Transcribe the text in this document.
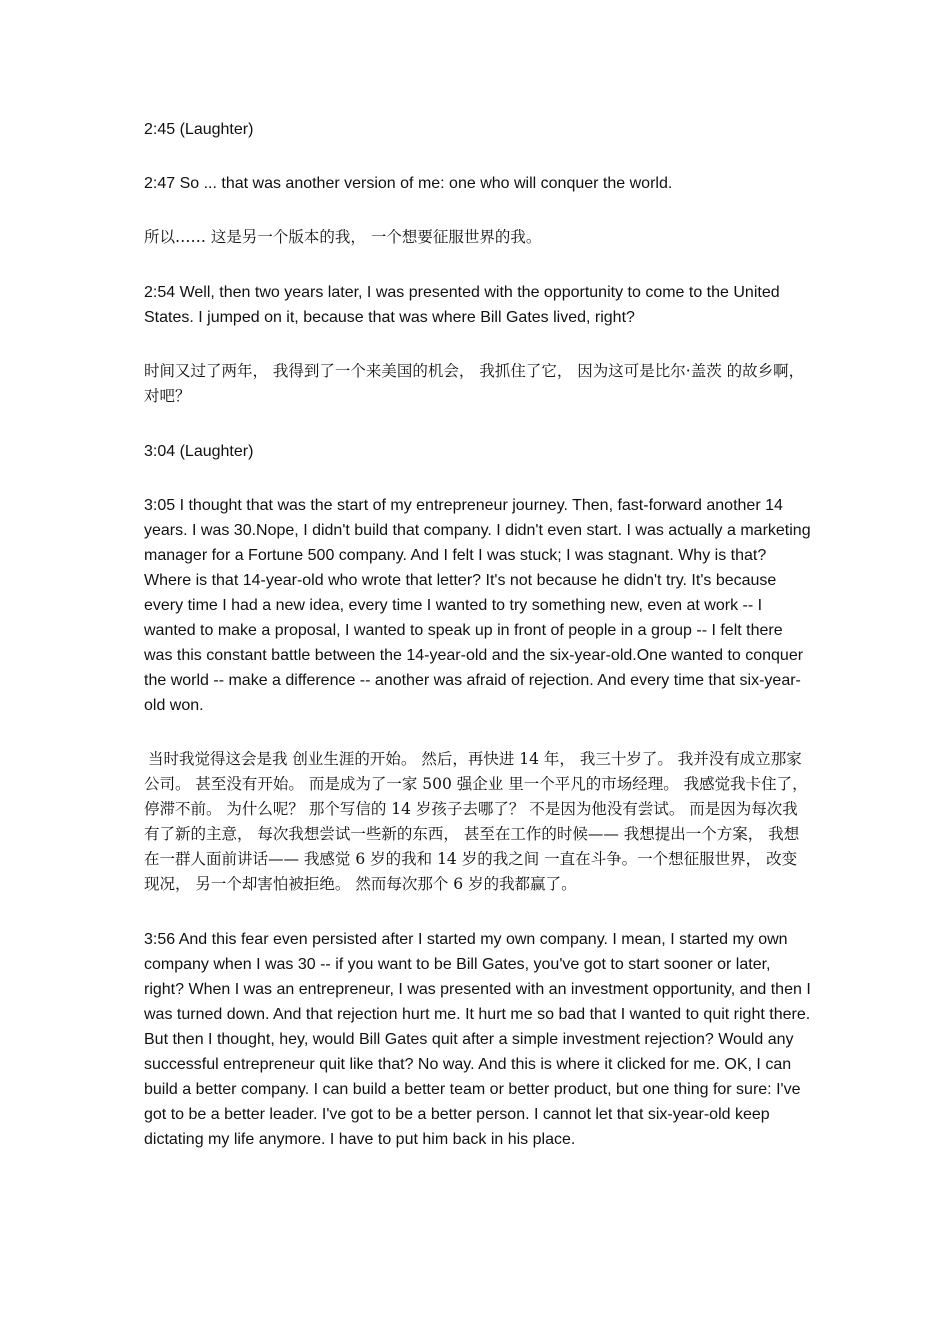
2:45 (Laughter)

2:47 So ... that was another version of me: one who will conquer the world.

所以…… 这是另一个版本的我， 一个想要征服世界的我。

2:54 Well, then two years later, I was presented with the opportunity to come to the United States. I jumped on it, because that was where Bill Gates lived, right?

时间又过了两年， 我得到了一个来美国的机会， 我抓住了它， 因为这可是比尔·盖茨 的故乡啊，对吧？

3:04 (Laughter)

3:05 I thought that was the start of my entrepreneur journey. Then, fast-forward another 14 years. I was 30.Nope, I didn't build that company. I didn't even start. I was actually a marketing manager for a Fortune 500 company. And I felt I was stuck; I was stagnant. Why is that? Where is that 14-year-old who wrote that letter? It's not because he didn't try. It's because every time I had a new idea, every time I wanted to try something new, even at work -- I wanted to make a proposal, I wanted to speak up in front of people in a group -- I felt there was this constant battle between the 14-year-old and the six-year-old.One wanted to conquer the world -- make a difference -- another was afraid of rejection. And every time that six-year-old won.

当时我觉得这会是我 创业生涯的开始。 然后，再快进 14 年， 我三十岁了。 我并没有成立那家公司。 甚至没有开始。 而是成为了一家 500 强企业 里一个平凡的市场经理。 我感觉我卡住了， 停滞不前。 为什么呢？ 那个写信的 14 岁孩子去哪了？ 不是因为他没有尝试。 而是因为每次我有了新的主意， 每次我想尝试一些新的东西， 甚至在工作的时候—— 我想提出一个方案， 我想在一群人面前讲话—— 我感觉 6 岁的我和 14 岁的我之间 一直在斗争。一个想征服世界， 改变现况， 另一个却害怕被拒绝。 然而每次那个 6 岁的我都赢了。

3:56 And this fear even persisted after I started my own company. I mean, I started my own company when I was 30 -- if you want to be Bill Gates, you've got to start sooner or later, right? When I was an entrepreneur, I was presented with an investment opportunity, and then I was turned down. And that rejection hurt me. It hurt me so bad that I wanted to quit right there. But then I thought, hey, would Bill Gates quit after a simple investment rejection? Would any successful entrepreneur quit like that? No way. And this is where it clicked for me. OK, I can build a better company. I can build a better team or better product, but one thing for sure: I've got to be a better leader. I've got to be a better person. I cannot let that six-year-old keep dictating my life anymore. I have to put him back in his place.
